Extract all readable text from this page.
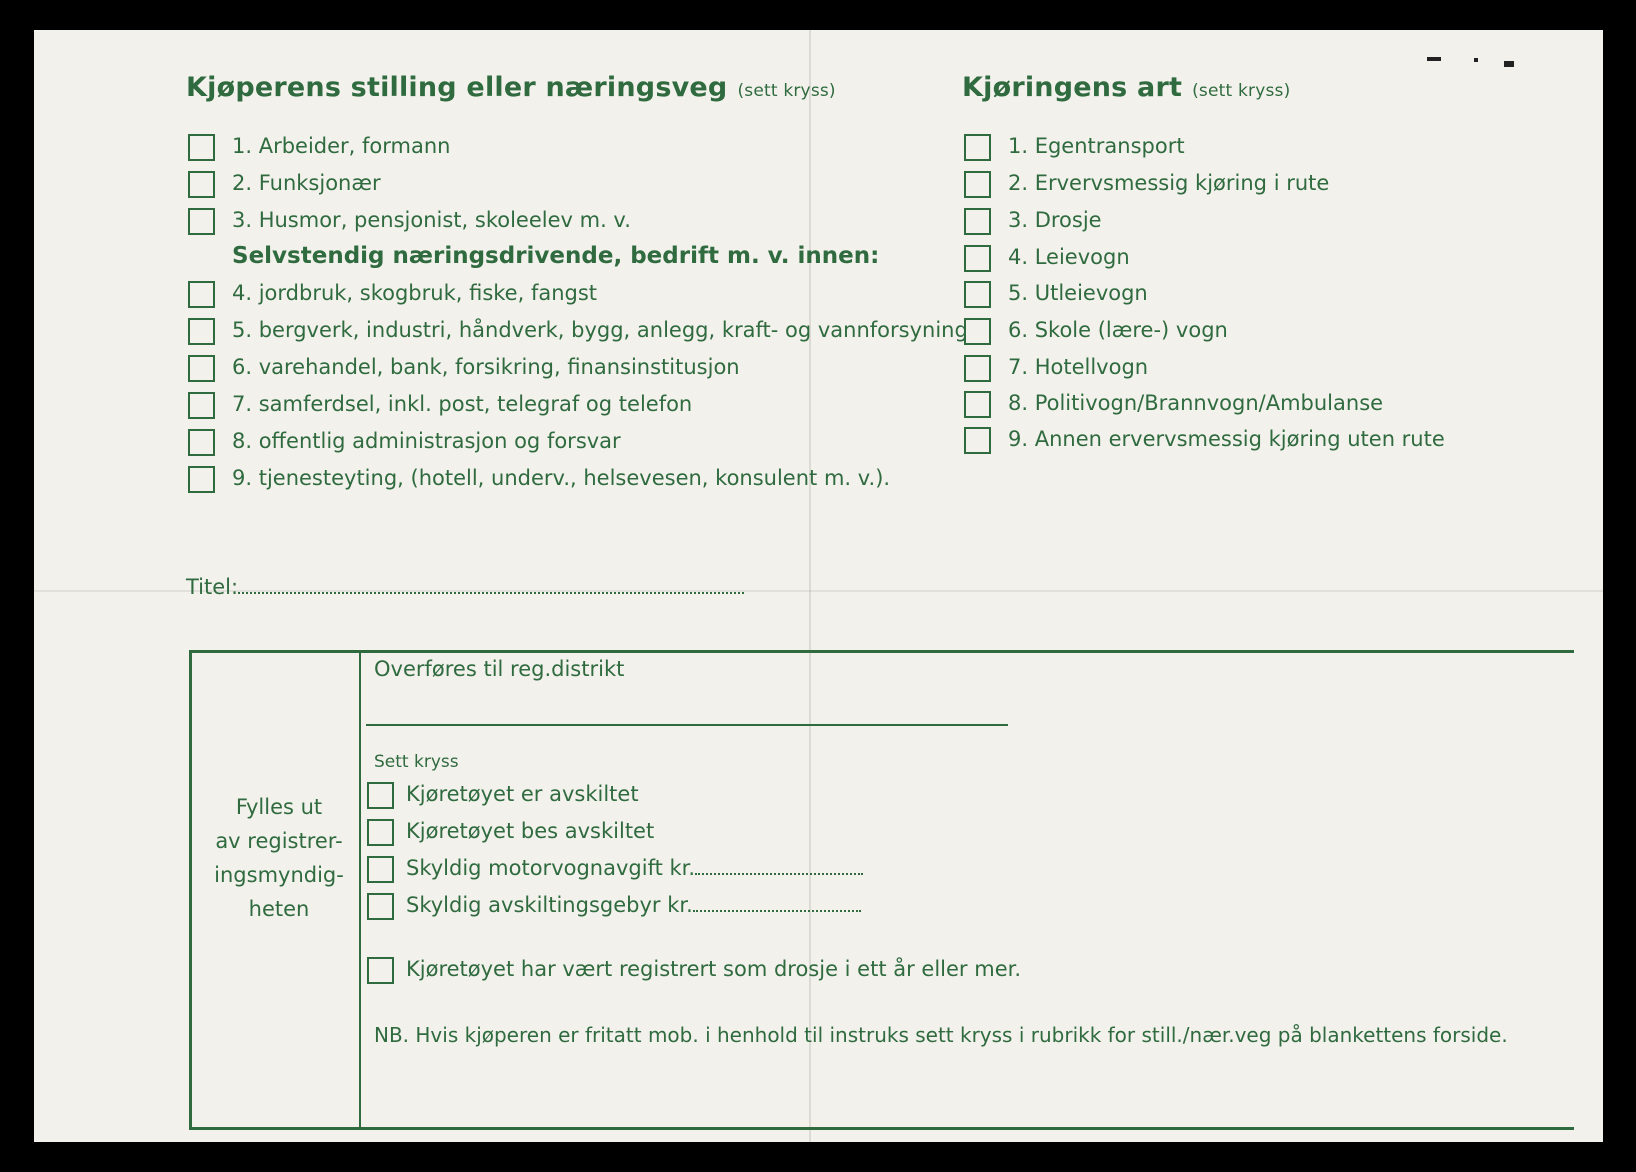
Kjøperens stilling eller næringsveg (sett kryss)
1. Arbeider, formann
2. Funksjonær
3. Husmor, pensjonist, skoleelev m. v.
Selvstendig næringsdrivende, bedrift m. v. innen:
4. jordbruk, skogbruk, fiske, fangst
5. bergverk, industri, håndverk, bygg, anlegg, kraft- og vannforsyning
6. varehandel, bank, forsikring, finansinstitusjon
7. samferdsel, inkl. post, telegraf og telefon
8. offentlig administrasjon og forsvar
9. tjenesteyting, (hotell, underv., helsevesen, konsulent m. v.).
Titel:
Kjøringens art (sett kryss)
1. Egentransport
2. Ervervsmessig kjøring i rute
3. Drosje
4. Leievogn
5. Utleievogn
6. Skole (lære-) vogn
7. Hotellvogn
8. Politivogn/Brannvogn/Ambulanse
9. Annen ervervsmessig kjøring uten rute
Fylles ut
av registrer-
ingsmyndig-
heten
Overføres til reg.distrikt
Sett kryss
Kjøretøyet er avskiltet
Kjøretøyet bes avskiltet
Skyldig motorvognavgift kr.
Skyldig avskiltingsgebyr kr.
Kjøretøyet har vært registrert som drosje i ett år eller mer.
NB. Hvis kjøperen er fritatt mob. i henhold til instruks sett kryss i rubrikk for still./nær.veg på blankettens forside.
